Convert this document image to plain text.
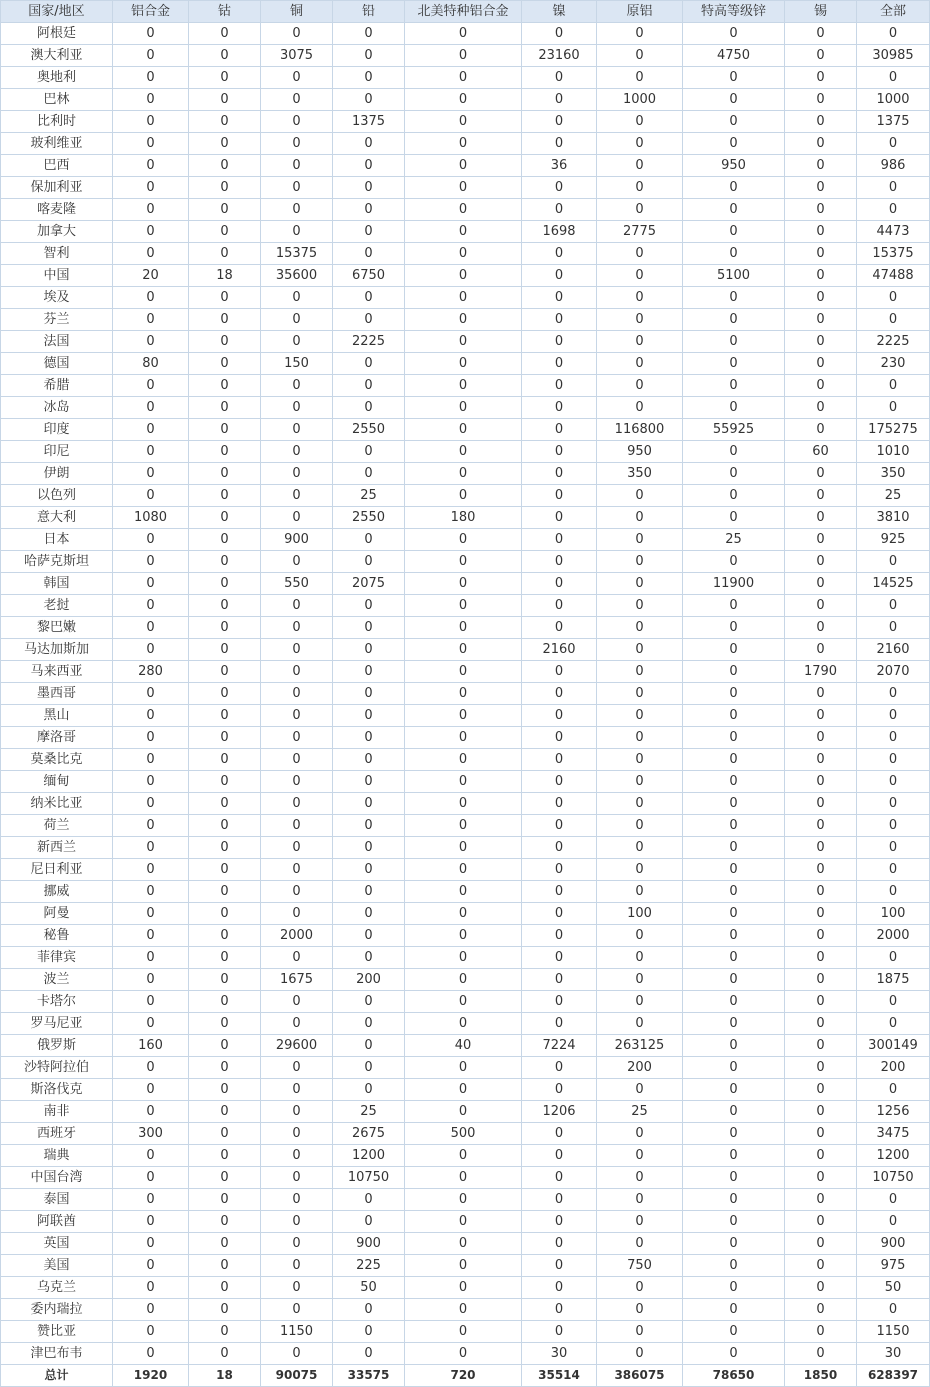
国家/地区	铝合金	钴	铜	铅	北美特种铝合金	镍	原铝	特高等级锌	锡	全部
阿根廷	0	0	0	0	0	0	0	0	0	0
澳大利亚	0	0	3075	0	0	23160	0	4750	0	30985
奥地利	0	0	0	0	0	0	0	0	0	0
巴林	0	0	0	0	0	0	1000	0	0	1000
比利时	0	0	0	1375	0	0	0	0	0	1375
玻利维亚	0	0	0	0	0	0	0	0	0	0
巴西	0	0	0	0	0	36	0	950	0	986
保加利亚	0	0	0	0	0	0	0	0	0	0
喀麦隆	0	0	0	0	0	0	0	0	0	0
加拿大	0	0	0	0	0	1698	2775	0	0	4473
智利	0	0	15375	0	0	0	0	0	0	15375
中国	20	18	35600	6750	0	0	0	5100	0	47488
埃及	0	0	0	0	0	0	0	0	0	0
芬兰	0	0	0	0	0	0	0	0	0	0
法国	0	0	0	2225	0	0	0	0	0	2225
德国	80	0	150	0	0	0	0	0	0	230
希腊	0	0	0	0	0	0	0	0	0	0
冰岛	0	0	0	0	0	0	0	0	0	0
印度	0	0	0	2550	0	0	116800	55925	0	175275
印尼	0	0	0	0	0	0	950	0	60	1010
伊朗	0	0	0	0	0	0	350	0	0	350
以色列	0	0	0	25	0	0	0	0	0	25
意大利	1080	0	0	2550	180	0	0	0	0	3810
日本	0	0	900	0	0	0	0	25	0	925
哈萨克斯坦	0	0	0	0	0	0	0	0	0	0
韩国	0	0	550	2075	0	0	0	11900	0	14525
老挝	0	0	0	0	0	0	0	0	0	0
黎巴嫩	0	0	0	0	0	0	0	0	0	0
马达加斯加	0	0	0	0	0	2160	0	0	0	2160
马来西亚	280	0	0	0	0	0	0	0	1790	2070
墨西哥	0	0	0	0	0	0	0	0	0	0
黑山	0	0	0	0	0	0	0	0	0	0
摩洛哥	0	0	0	0	0	0	0	0	0	0
莫桑比克	0	0	0	0	0	0	0	0	0	0
缅甸	0	0	0	0	0	0	0	0	0	0
纳米比亚	0	0	0	0	0	0	0	0	0	0
荷兰	0	0	0	0	0	0	0	0	0	0
新西兰	0	0	0	0	0	0	0	0	0	0
尼日利亚	0	0	0	0	0	0	0	0	0	0
挪威	0	0	0	0	0	0	0	0	0	0
阿曼	0	0	0	0	0	0	100	0	0	100
秘鲁	0	0	2000	0	0	0	0	0	0	2000
菲律宾	0	0	0	0	0	0	0	0	0	0
波兰	0	0	1675	200	0	0	0	0	0	1875
卡塔尔	0	0	0	0	0	0	0	0	0	0
罗马尼亚	0	0	0	0	0	0	0	0	0	0
俄罗斯	160	0	29600	0	40	7224	263125	0	0	300149
沙特阿拉伯	0	0	0	0	0	0	200	0	0	200
斯洛伐克	0	0	0	0	0	0	0	0	0	0
南非	0	0	0	25	0	1206	25	0	0	1256
西班牙	300	0	0	2675	500	0	0	0	0	3475
瑞典	0	0	0	1200	0	0	0	0	0	1200
中国台湾	0	0	0	10750	0	0	0	0	0	10750
泰国	0	0	0	0	0	0	0	0	0	0
阿联酋	0	0	0	0	0	0	0	0	0	0
英国	0	0	0	900	0	0	0	0	0	900
美国	0	0	0	225	0	0	750	0	0	975
乌克兰	0	0	0	50	0	0	0	0	0	50
委内瑞拉	0	0	0	0	0	0	0	0	0	0
赞比亚	0	0	1150	0	0	0	0	0	0	1150
津巴布韦	0	0	0	0	0	30	0	0	0	30
总计	1920	18	90075	33575	720	35514	386075	78650	1850	628397
